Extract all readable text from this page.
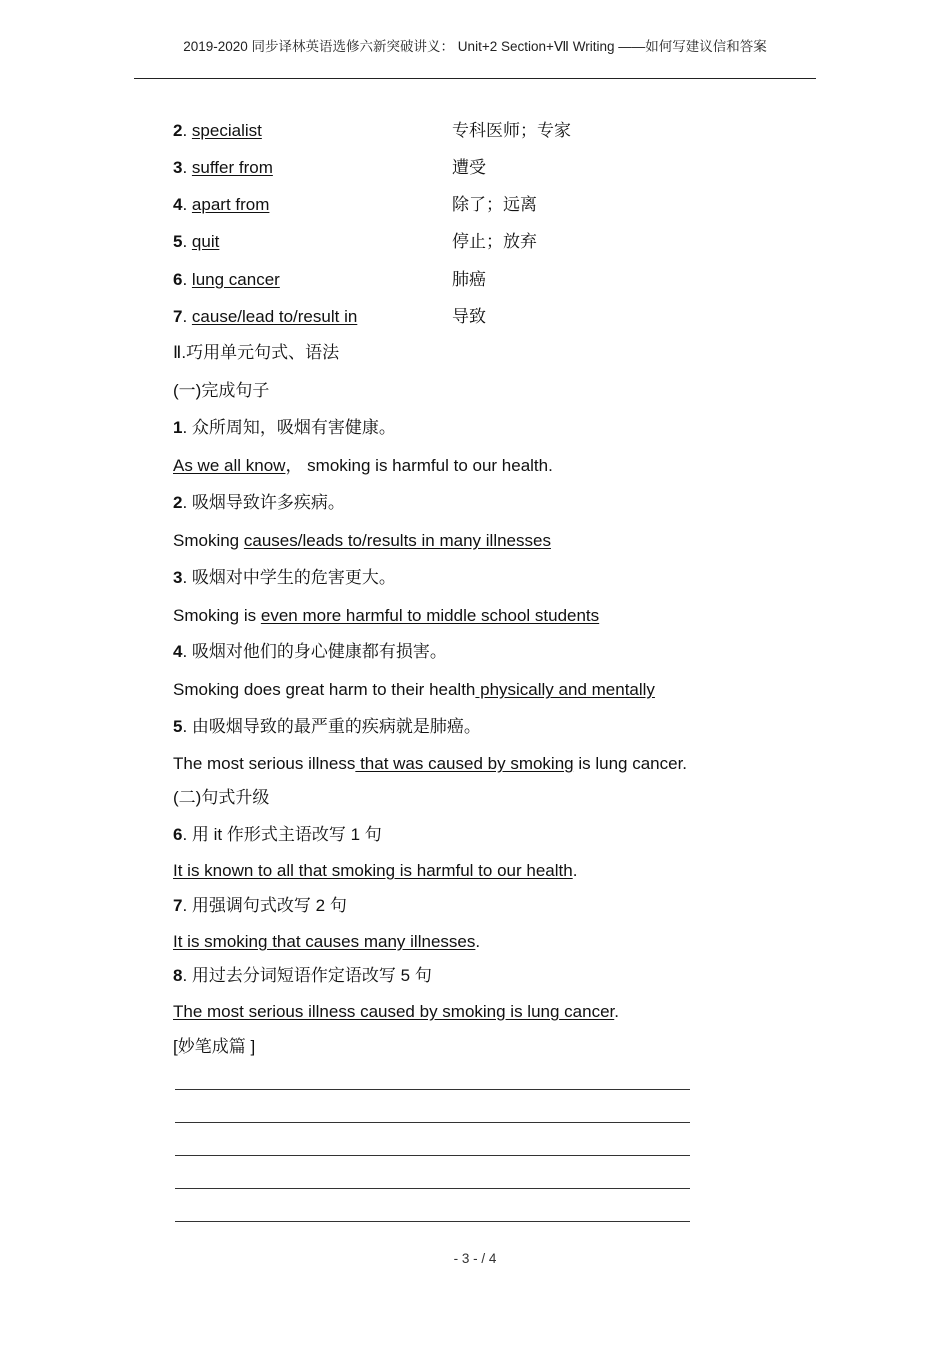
2019-2020 同步译林英语选修六新突破讲义： Unit+2 Section+Ⅶ Writing ——如何写建议信和答案
2. specialist	专科医师；专家
3. suffer from	遭受
4. apart from	除了；远离
5. quit	停止；放弃
6. lung cancer	肺癌
7. cause/lead to/result in	导致
Ⅱ.巧用单元句式、语法
(一)完成句子
1. 众所周知，吸烟有害健康。
As we all know， smoking is harmful to our health.
2. 吸烟导致许多疾病。
Smoking causes/leads to/results in many illnesses
3. 吸烟对中学生的危害更大。
Smoking is even more harmful to middle school students
4. 吸烟对他们的身心健康都有损害。
Smoking does great harm to their health physically and mentally
5. 由吸烟导致的最严重的疾病就是肺癌。
The most serious illness that was caused by smoking is lung cancer.
(二)句式升级
6. 用 it 作形式主语改写 1 句
It is known to all that smoking is harmful to our health.
7. 用强调句式改写 2 句
It is smoking that causes many illnesses.
8. 用过去分词短语作定语改写 5 句
The most serious illness caused by smoking is lung cancer.
[妙笔成篇 ]
- 3 - / 4
